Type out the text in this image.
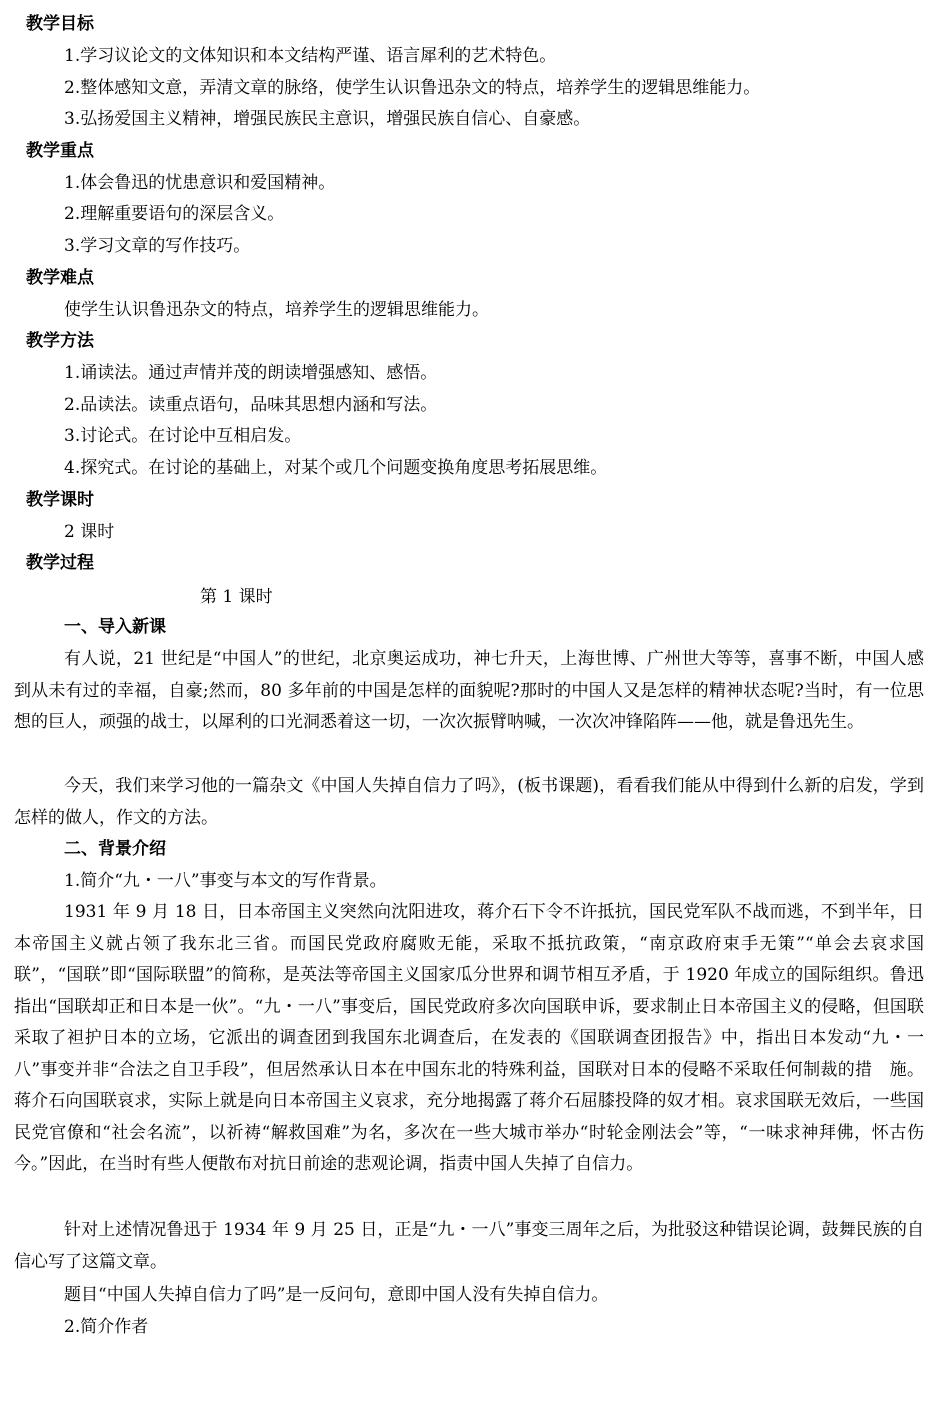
教学目标
1.学习议论文的文体知识和本文结构严谨、语言犀利的艺术特色。
2.整体感知文意，弄清文章的脉络，使学生认识鲁迅杂文的特点，培养学生的逻辑思维能力。
3.弘扬爱国主义精神，增强民族民主意识，增强民族自信心、自豪感。
教学重点
1.体会鲁迅的忧患意识和爱国精神。
2.理解重要语句的深层含义。
3.学习文章的写作技巧。
教学难点
使学生认识鲁迅杂文的特点，培养学生的逻辑思维能力。
教学方法
1.诵读法。通过声情并茂的朗读增强感知、感悟。
2.品读法。读重点语句，品味其思想内涵和写法。
3.讨论式。在讨论中互相启发。
4.探究式。在讨论的基础上，对某个或几个问题变换角度思考拓展思维。
教学课时
2 课时
教学过程
第 1 课时
一、导入新课
有人说，21 世纪是“中国人”的世纪，北京奥运成功，神七升天，上海世博、广州世大等等，喜事不断，中国人感到从未有过的幸福，自豪;然而，80 多年前的中国是怎样的面貌呢?那时的中国人又是怎样的精神状态呢?当时，有一位思想的巨人，顽强的战士，以犀利的口光洞悉着这一切，一次次振臂呐喊，一次次冲锋陷阵——他，就是鲁迅先生。
今天，我们来学习他的一篇杂文《中国人失掉自信力了吗》，(板书课题)，看看我们能从中得到什么新的启发，学到怎样的做人，作文的方法。
二、背景介绍
1.简介“九・一八”事变与本文的写作背景。
1931 年 9 月 18 日，日本帝国主义突然向沈阳进攻，蒋介石下令不许抵抗，国民党军队不战而逃，不到半年，日本帝国主义就占领了我东北三省。而国民党政府腐败无能，采取不抵抗政策，“南京政府束手无策”“单会去哀求国联”，“国联”即“国际联盟”的简称，是英法等帝国主义国家瓜分世界和调节相互矛盾，于 1920 年成立的国际组织。鲁迅指出“国联却正和日本是一伙”。“九・一八”事变后，国民党政府多次向国联申诉，要求制止日本帝国主义的侵略，但国联采取了袒护日本的立场，它派出的调查团到我国东北调查后，在发表的《国联调查团报告》中，指出日本发动“九・一八”事变并非“合法之自卫手段”，但居然承认日本在中国东北的特殊利益，国联对日本的侵略不采取任何制裁的措　施。蒋介石向国联哀求，实际上就是向日本帝国主义哀求，充分地揭露了蒋介石屈膝投降的奴才相。哀求国联无效后，一些国民党官僚和“社会名流”，以祈祷“解救国难”为名，多次在一些大城市举办“时轮金刚法会”等，“一味求神拜佛，怀古伤今。”因此，在当时有些人便散布对抗日前途的悲观论调，指责中国人失掉了自信力。
针对上述情况鲁迅于 1934 年 9 月 25 日，正是“九・一八”事变三周年之后，为批驳这种错误论调，鼓舞民族的自信心写了这篇文章。
题目“中国人失掉自信力了吗”是一反问句，意即中国人没有失掉自信力。
2.简介作者
